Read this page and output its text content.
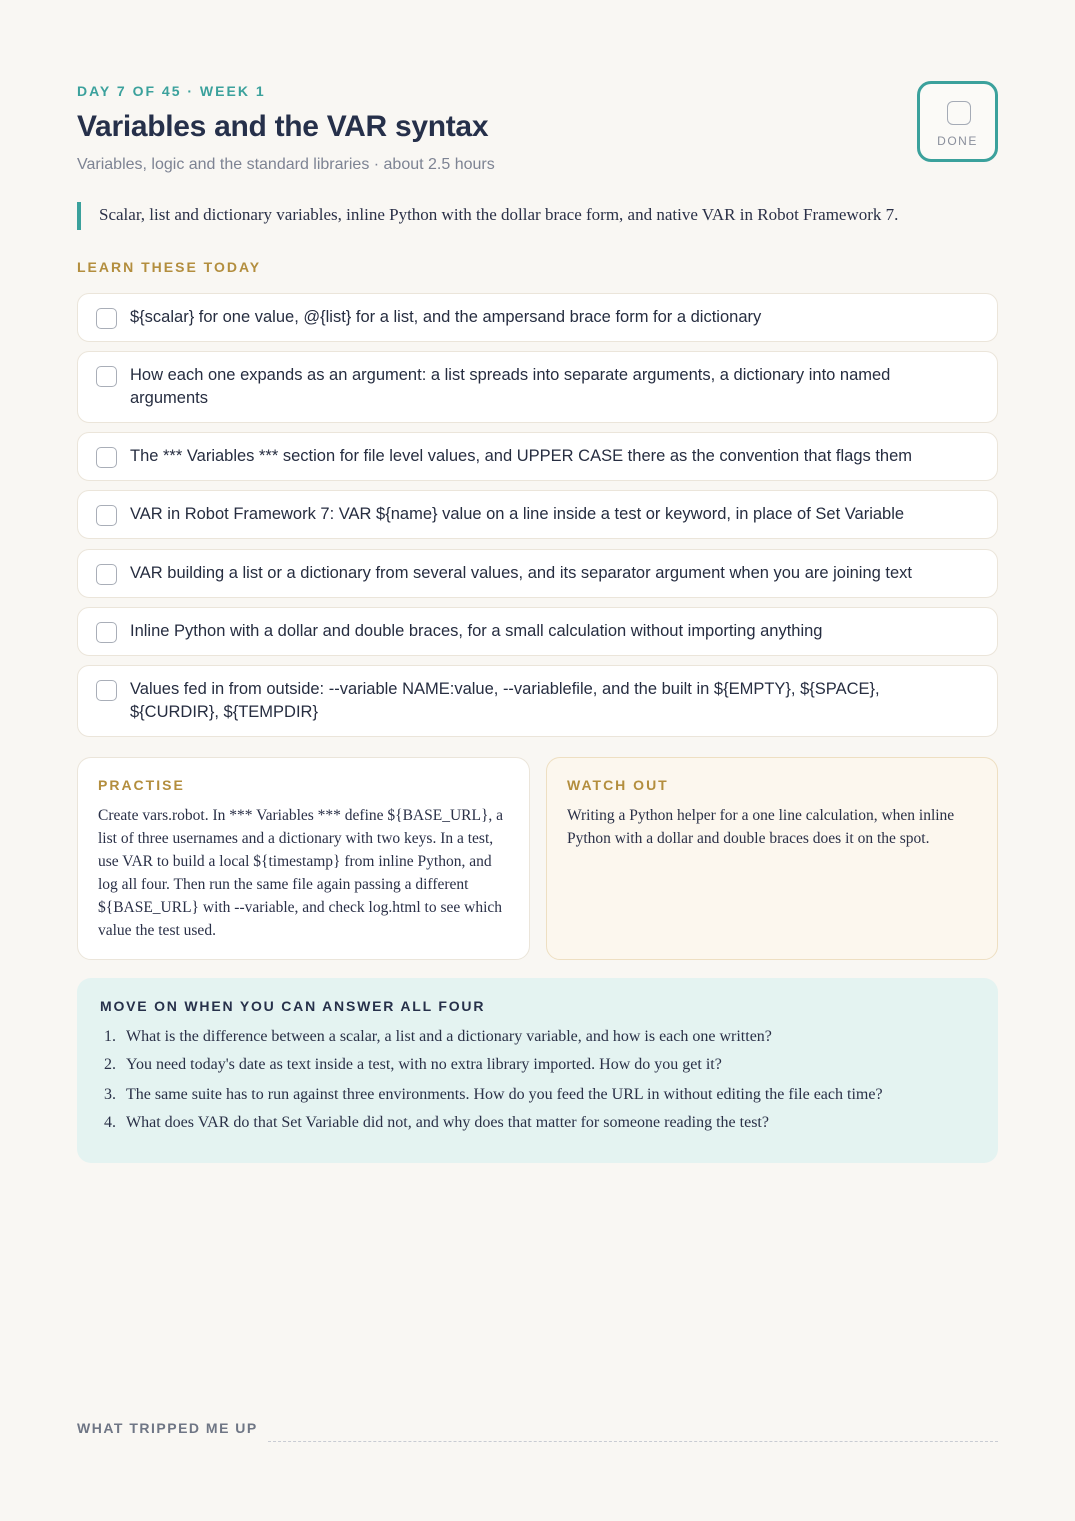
DAY 7 OF 45 · WEEK 1
Variables and the VAR syntax
Variables, logic and the standard libraries · about 2.5 hours
DONE
Scalar, list and dictionary variables, inline Python with the dollar brace form, and native VAR in Robot Framework 7.
LEARN THESE TODAY
${scalar} for one value, @{list} for a list, and the ampersand brace form for a dictionary
How each one expands as an argument: a list spreads into separate arguments, a dictionary into named arguments
The *** Variables *** section for file level values, and UPPER CASE there as the convention that flags them
VAR in Robot Framework 7: VAR ${name} value on a line inside a test or keyword, in place of Set Variable
VAR building a list or a dictionary from several values, and its separator argument when you are joining text
Inline Python with a dollar and double braces, for a small calculation without importing anything
Values fed in from outside: --variable NAME:value, --variablefile, and the built in ${EMPTY}, ${SPACE}, ${CURDIR}, ${TEMPDIR}
PRACTISE
Create vars.robot. In *** Variables *** define ${BASE_URL}, a list of three usernames and a dictionary with two keys. In a test, use VAR to build a local ${timestamp} from inline Python, and log all four. Then run the same file again passing a different ${BASE_URL} with --variable, and check log.html to see which value the test used.
WATCH OUT
Writing a Python helper for a one line calculation, when inline Python with a dollar and double braces does it on the spot.
MOVE ON WHEN YOU CAN ANSWER ALL FOUR
1. What is the difference between a scalar, a list and a dictionary variable, and how is each one written?
2. You need today's date as text inside a test, with no extra library imported. How do you get it?
3. The same suite has to run against three environments. How do you feed the URL in without editing the file each time?
4. What does VAR do that Set Variable did not, and why does that matter for someone reading the test?
WHAT TRIPPED ME UP
